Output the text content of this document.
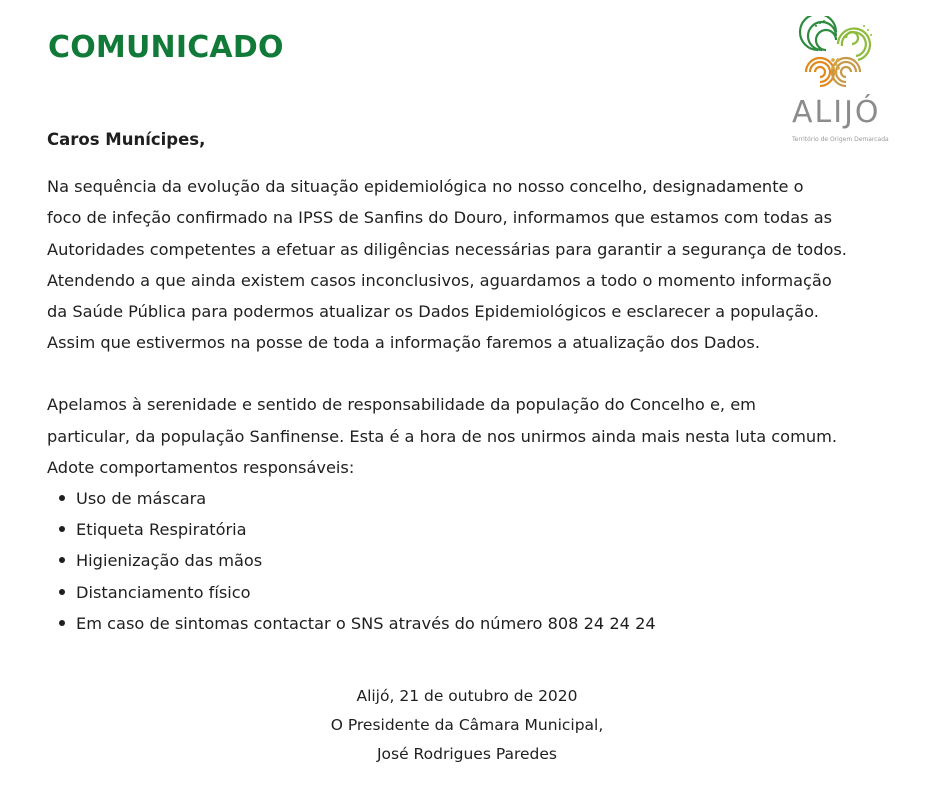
COMUNICADO
ALIJÓ
Território de Origem Demarcada

Caros Munícipes,

Na sequência da evolução da situação epidemiológica no nosso concelho, designadamente o

foco de infeção confirmado na IPSS de Sanfins do Douro, informamos que estamos com todas as

Autoridades competentes a efetuar as diligências necessárias para garantir a segurança de todos.

Atendendo a que ainda existem casos inconclusivos, aguardamos a todo o momento informação

da Saúde Pública para podermos atualizar os Dados Epidemiológicos e esclarecer a população.

Assim que estivermos na posse de toda a informação faremos a atualização dos Dados.

Apelamos à serenidade e sentido de responsabilidade da população do Concelho e, em

particular, da população Sanfinense. Esta é a hora de nos unirmos ainda mais nesta luta comum.

Adote comportamentos responsáveis:

Uso de máscara
Etiqueta Respiratória
Higienização das mãos
Distanciamento físico
Em caso de sintomas contactar o SNS através do número 808 24 24 24
Alijó, 21 de outubro de 2020
O Presidente da Câmara Municipal,
José Rodrigues Paredes
